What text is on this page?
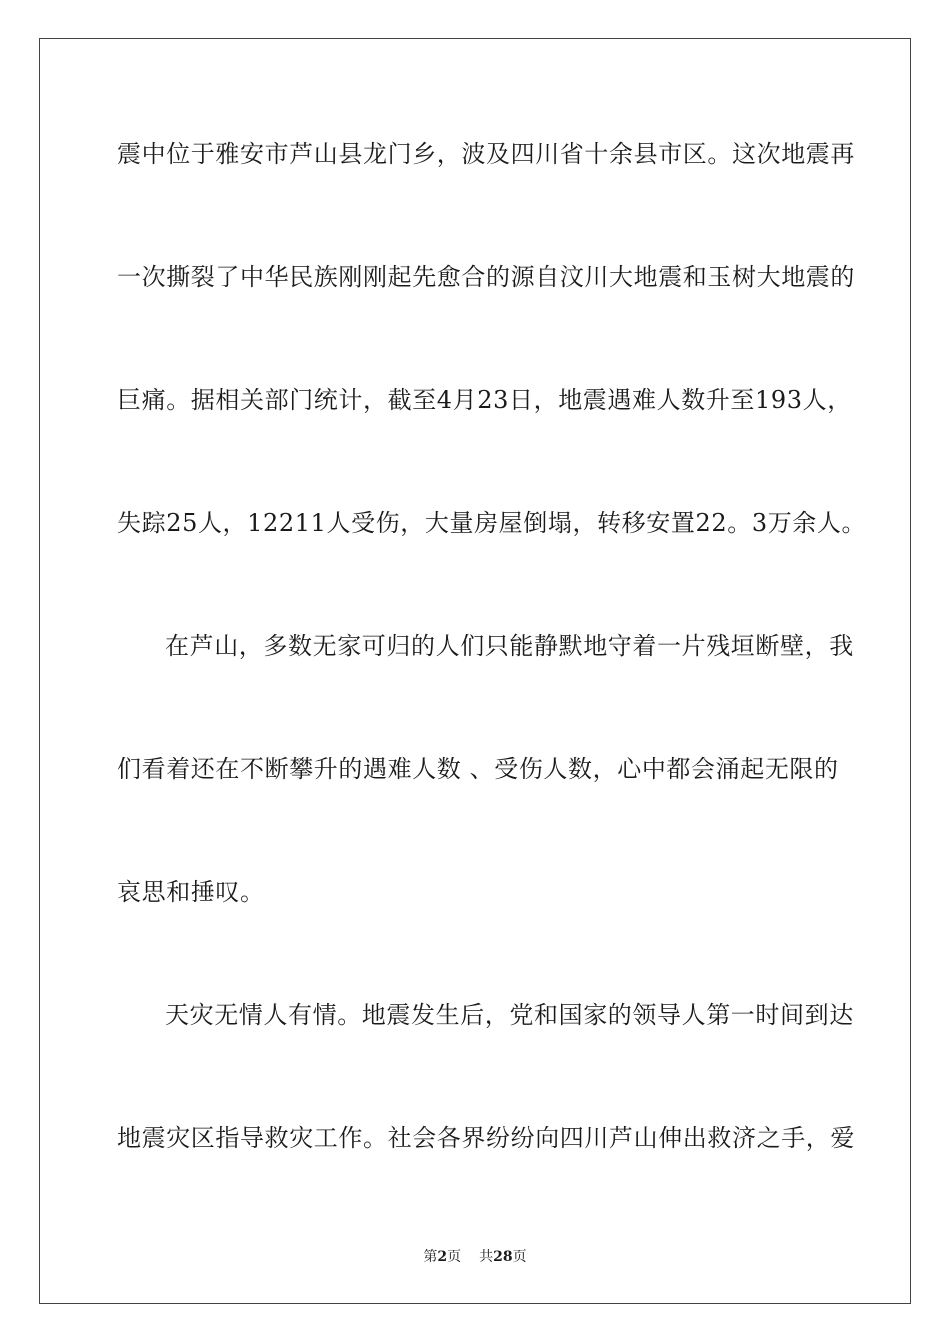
震中位于雅安市芦山县龙门乡，波及四川省十余县市区。这次地震再
一次撕裂了中华民族刚刚起先愈合的源自汶川大地震和玉树大地震的
巨痛。据相关部门统计，截至4月23日，地震遇难人数升至193人，
失踪25人，12211人受伤，大量房屋倒塌，转移安置22。3万余人。
在芦山，多数无家可归的人们只能静默地守着一片残垣断壁，我
们看着还在不断攀升的遇难人数 、受伤人数，心中都会涌起无限的
哀思和捶叹。
天灾无情人有情。地震发生后，党和国家的领导人第一时间到达
地震灾区指导救灾工作。社会各界纷纷向四川芦山伸出救济之手，爱
第2页 共28页
